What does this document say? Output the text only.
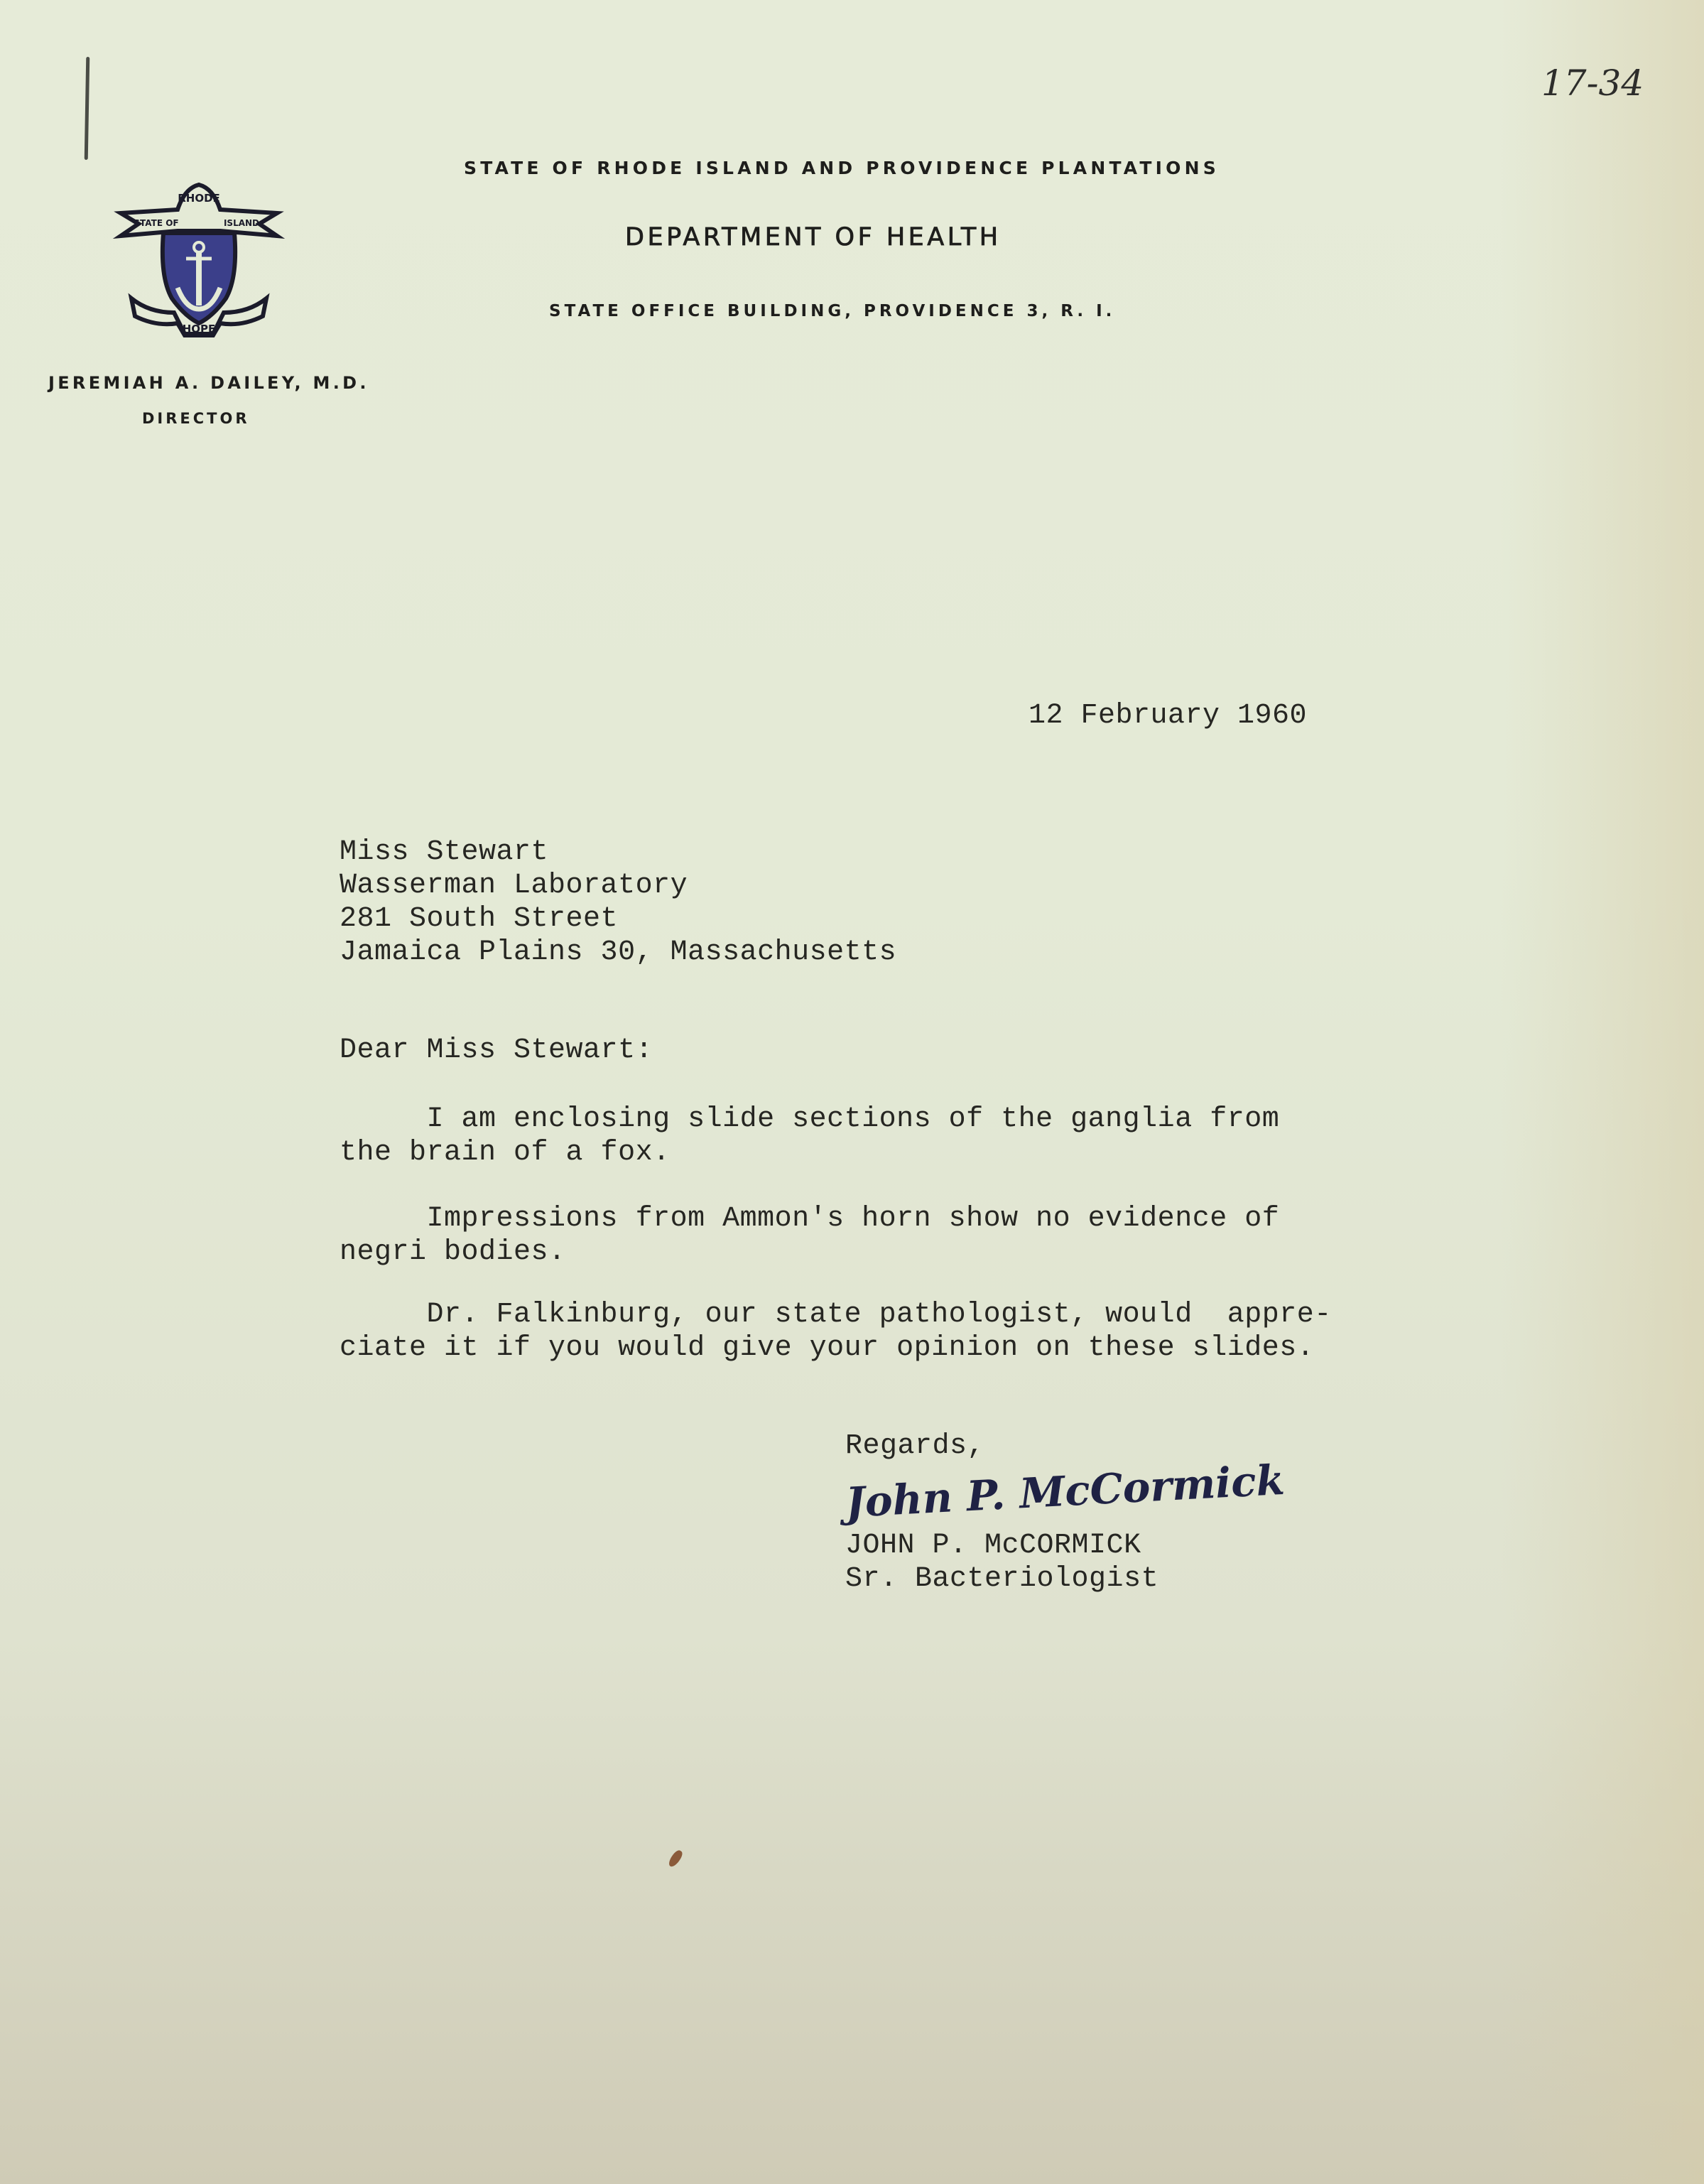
17-34
RHODE
STATE OF	ISLAND
HOPE
STATE OF RHODE ISLAND AND PROVIDENCE PLANTATIONS
DEPARTMENT OF HEALTH
STATE OFFICE BUILDING, PROVIDENCE 3, R. I.
JEREMIAH A. DAILEY, M.D.
DIRECTOR
12 February 1960
Miss Stewart
Wasserman Laboratory
281 South Street
Jamaica Plains 30, Massachusetts
Dear Miss Stewart:
I am enclosing slide sections of the ganglia from
the brain of a fox.
Impressions from Ammon's horn show no evidence of
negri bodies.
Dr. Falkinburg, our state pathologist, would  appre-
ciate it if you would give your opinion on these slides.
Regards,
John P. McCormick
JOHN P. McCORMICK
Sr. Bacteriologist
